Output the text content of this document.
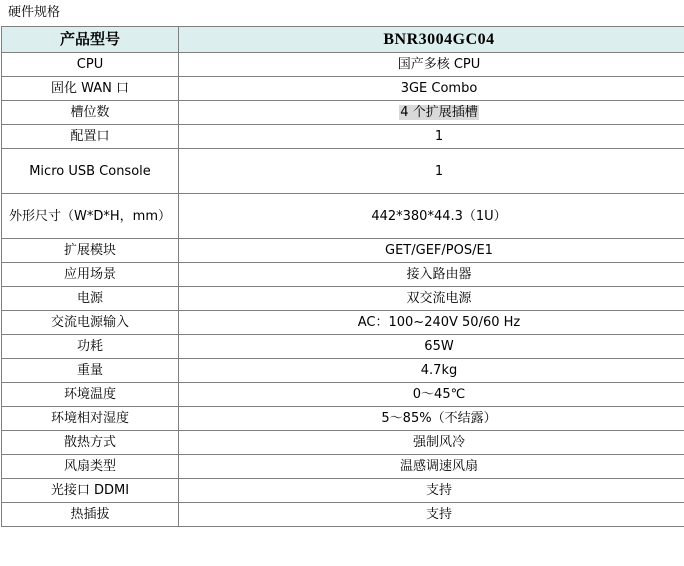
硬件规格
产品型号	BNR3004GC04
CPU	国产多核 CPU
固化 WAN 口	3GE Combo
槽位数	4 个扩展插槽
配置口	1
Micro USB Console	1
外形尺寸（W*D*H，mm）	442*380*44.3（1U）
扩展模块	GET/GEF/POS/E1
应用场景	接入路由器
电源	双交流电源
交流电源输入	AC：100~240V 50/60 Hz
功耗	65W
重量	4.7kg
环境温度	0～45℃
环境相对湿度	5～85%（不结露）
散热方式	强制风冷
风扇类型	温感调速风扇
光接口 DDMI	支持
热插拔	支持
